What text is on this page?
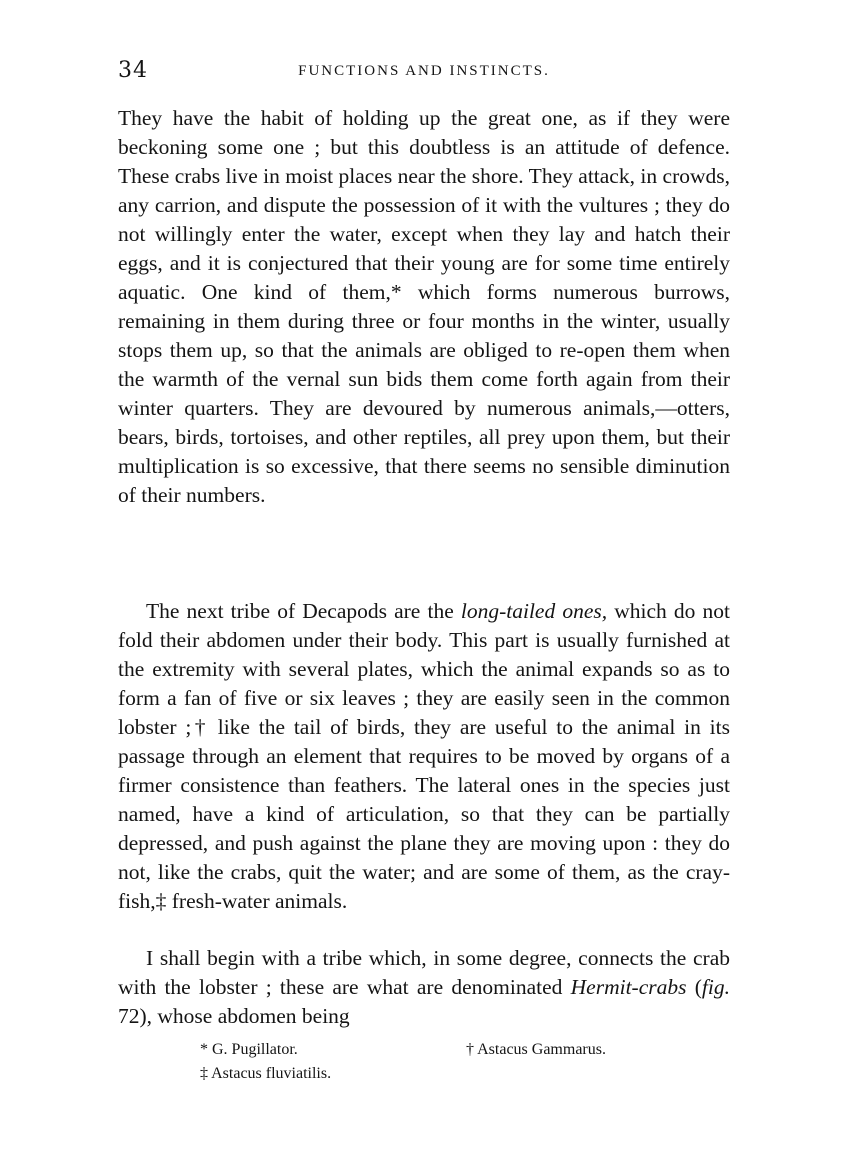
34	FUNCTIONS AND INSTINCTS.

They have the habit of holding up the great one, as if they were beckoning some one ; but this doubtless is an attitude of defence. These crabs live in moist places near the shore. They attack, in crowds, any carrion, and dispute the possession of it with the vultures ; they do not willingly enter the water, except when they lay and hatch their eggs, and it is conjectured that their young are for some time entirely aquatic. One kind of them,* which forms numerous burrows, remaining in them during three or four months in the winter, usually stops them up, so that the animals are obliged to re-open them when the warmth of the vernal sun bids them come forth again from their winter quarters. They are devoured by numerous animals,—otters, bears, birds, tortoises, and other reptiles, all prey upon them, but their multiplication is so excessive, that there seems no sensible diminution of their numbers.

The next tribe of Decapods are the long-tailed ones, which do not fold their abdomen under their body. This part is usually furnished at the extremity with several plates, which the animal expands so as to form a fan of five or six leaves ; they are easily seen in the common lobster ;† like the tail of birds, they are useful to the animal in its passage through an element that requires to be moved by organs of a firmer consistence than feathers. The lateral ones in the species just named, have a kind of articulation, so that they can be partially depressed, and push against the plane they are moving upon : they do not, like the crabs, quit the water; and are some of them, as the cray-fish,‡ fresh-water animals.

I shall begin with a tribe which, in some degree, connects the crab with the lobster ; these are what are denominated Hermit-crabs (fig. 72), whose abdomen being

* G. Pugillator.	† Astacus Gammarus.
‡ Astacus fluviatilis.
